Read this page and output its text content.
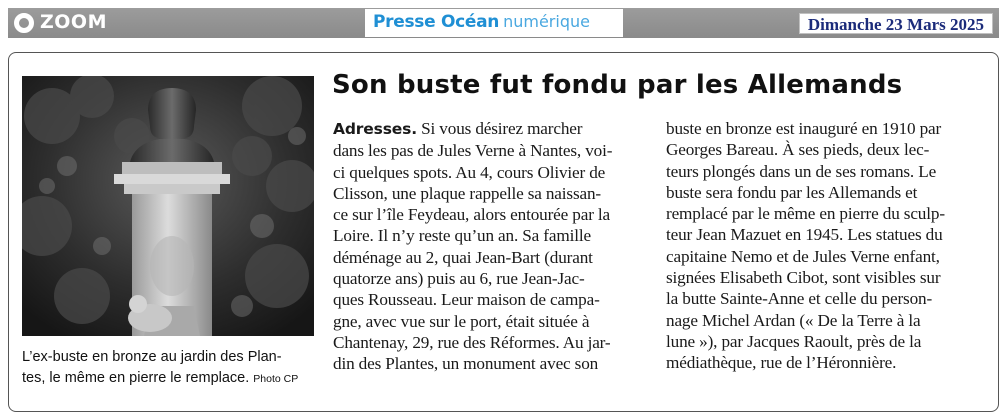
ZOOM	Presse Océan numérique	Dimanche 23 Mars 2025
L’ex-buste en bronze au jardin des Plan-
tes, le même en pierre le remplace. Photo CP
Son buste fut fondu par les Allemands
Adresses. Si vous désirez marcher
dans les pas de Jules Verne à Nantes, voi-
ci quelques spots. Au 4, cours Olivier de
Clisson, une plaque rappelle sa naissan-
ce sur l’île Feydeau, alors entourée par la
Loire. Il n’y reste qu’un an. Sa famille
déménage au 2, quai Jean-Bart (durant
quatorze ans) puis au 6, rue Jean-Jac-
ques Rousseau. Leur maison de campa-
gne, avec vue sur le port, était située à
Chantenay, 29, rue des Réformes. Au jar-
din des Plantes, un monument avec son
buste en bronze est inauguré en 1910 par
Georges Bareau. À ses pieds, deux lec-
teurs plongés dans un de ses romans. Le
buste sera fondu par les Allemands et
remplacé par le même en pierre du sculp-
teur Jean Mazuet en 1945. Les statues du
capitaine Nemo et de Jules Verne enfant,
signées Elisabeth Cibot, sont visibles sur
la butte Sainte-Anne et celle du person-
nage Michel Ardan (« De la Terre à la
lune »), par Jacques Raoult, près de la
médiathèque, rue de l’Héronnière.
